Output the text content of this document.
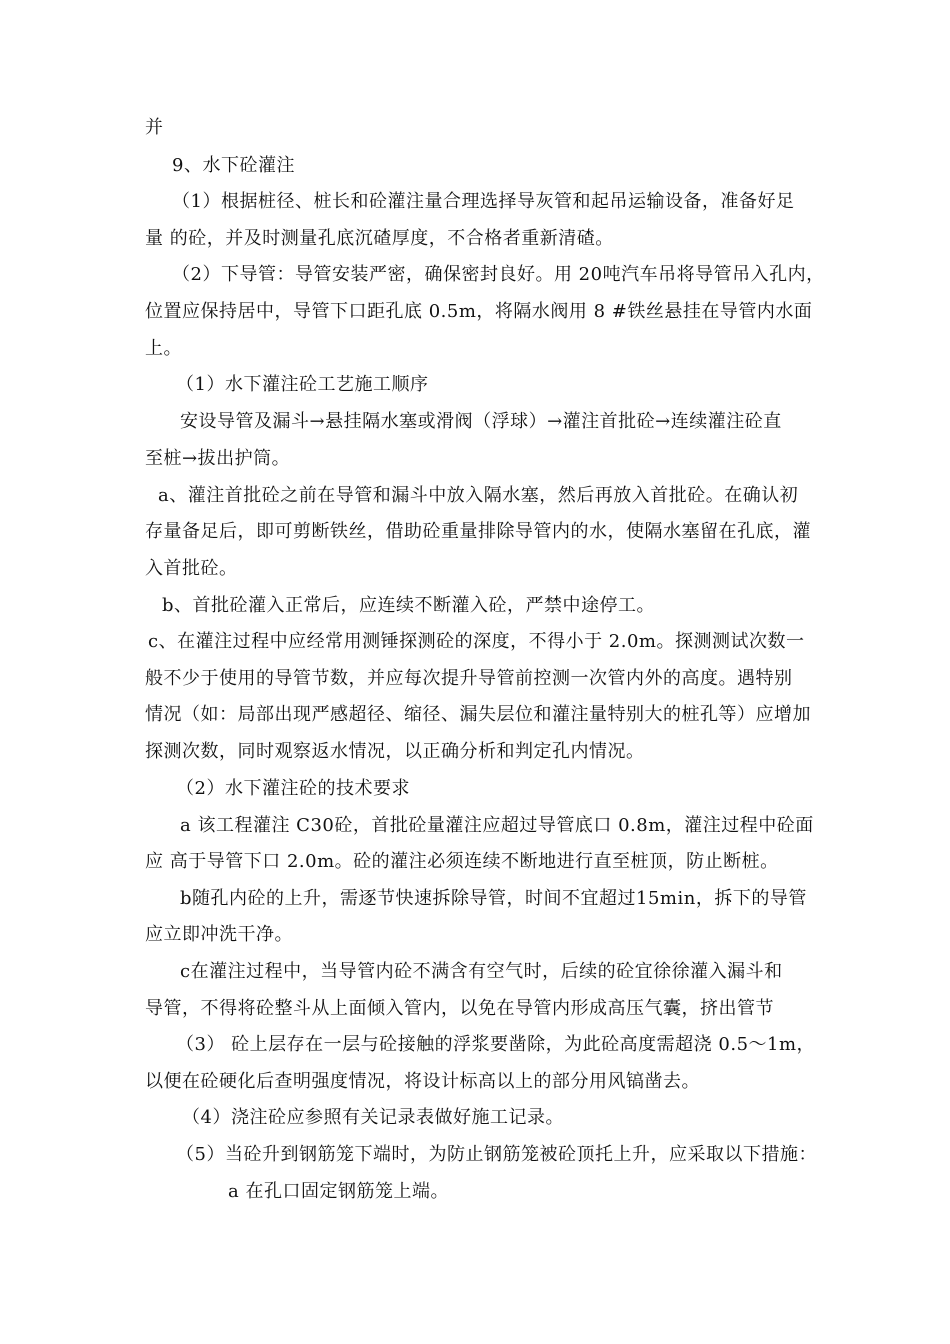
并
9、水下砼灌注
（1）根据桩径、桩长和砼灌注量合理选择导灰管和起吊运输设备，准备好足
量 的砼，并及时测量孔底沉碴厚度，不合格者重新清碴。
（2）下导管：导管安装严密，确保密封良好。用 20吨汽车吊将导管吊入孔内，
位置应保持居中，导管下口距孔底 0.5m，将隔水阀用 8 #铁丝悬挂在导管内水面
上。
（1）水下灌注砼工艺施工顺序
安设导管及漏斗→悬挂隔水塞或滑阀（浮球）→灌注首批砼→连续灌注砼直
至桩→拔出护筒。
a、灌注首批砼之前在导管和漏斗中放入隔水塞，然后再放入首批砼。在确认初
存量备足后，即可剪断铁丝，借助砼重量排除导管内的水，使隔水塞留在孔底，灌
入首批砼。
b、首批砼灌入正常后，应连续不断灌入砼，严禁中途停工。
c、在灌注过程中应经常用测锤探测砼的深度，不得小于 2.0m。探测测试次数一
般不少于使用的导管节数，并应每次提升导管前控测一次管内外的高度。遇特别
情况（如：局部出现严感超径、缩径、漏失层位和灌注量特别大的桩孔等）应增加
探测次数，同时观察返水情况，以正确分析和判定孔内情况。
（2）水下灌注砼的技术要求
a 该工程灌注 C30砼，首批砼量灌注应超过导管底口 0.8m，灌注过程中砼面
应 高于导管下口 2.0m。砼的灌注必须连续不断地进行直至桩顶，防止断桩。
b随孔内砼的上升，需逐节快速拆除导管，时间不宜超过15min，拆下的导管
应立即冲洗干净。
c在灌注过程中，当导管内砼不满含有空气时，后续的砼宜徐徐灌入漏斗和
导管，不得将砼整斗从上面倾入管内，以免在导管内形成高压气囊，挤出管节
（3） 砼上层存在一层与砼接触的浮浆要凿除，为此砼高度需超浇 0.5～1m，
以便在砼硬化后查明强度情况，将设计标高以上的部分用风镐凿去。
（4）浇注砼应参照有关记录表做好施工记录。
（5）当砼升到钢筋笼下端时，为防止钢筋笼被砼顶托上升，应采取以下措施：
a 在孔口固定钢筋笼上端。
